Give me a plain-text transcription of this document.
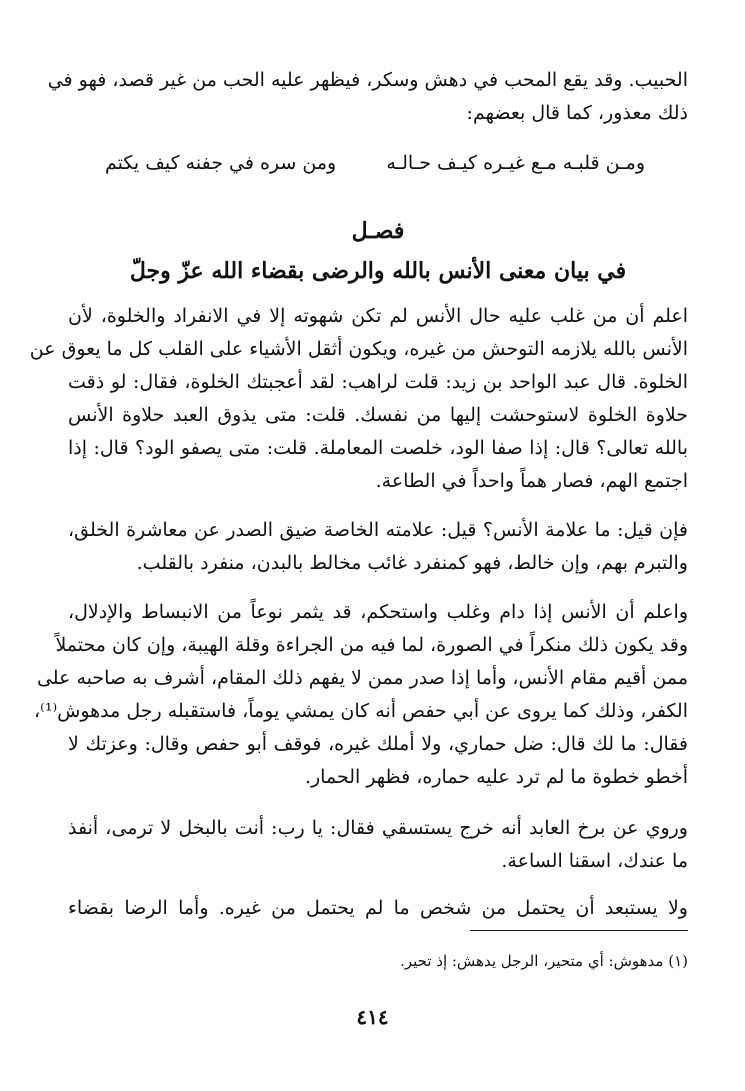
الحبيب. وقد يقع المحب في دهش وسكر، فيظهر عليه الحب من غير قصد، فهو في
ذلك معذور، كما قال بعضهم:
ومـن قلبـه مـع غيـره كيـف حـالـه
ومن سره في جفنه كيف يكتم
فصـل
في بيان معنى الأنس بالله والرضى بقضاء الله عزّ وجلّ
اعلم أن من غلب عليه حال الأنس لم تكن شهوته إلا في الانفراد والخلوة، لأن
الأنس بالله يلازمه التوحش من غيره، ويكون أثقل الأشياء على القلب كل ما يعوق عن
الخلوة. قال عبد الواحد بن زيد: قلت لراهب: لقد أعجبتك الخلوة، فقال: لو ذقت
حلاوة الخلوة لاستوحشت إليها من نفسك. قلت: متى يذوق العبد حلاوة الأنس
بالله تعالى؟ قال: إذا صفا الود، خلصت المعاملة. قلت: متى يصفو الود؟ قال: إذا
اجتمع الهم، فصار هماً واحداً في الطاعة.
فإن قيل: ما علامة الأنس؟ قيل: علامته الخاصة ضيق الصدر عن معاشرة الخلق،
والتبرم بهم، وإن خالط، فهو كمنفرد غائب مخالط بالبدن، منفرد بالقلب.
واعلم أن الأنس إذا دام وغلب واستحكم، قد يثمر نوعاً من الانبساط والإدلال،
وقد يكون ذلك منكراً في الصورة، لما فيه من الجراءة وقلة الهيبة، وإن كان محتملاً
ممن أقيم مقام الأنس، وأما إذا صدر ممن لا يفهم ذلك المقام، أشرف به صاحبه على
الكفر، وذلك كما يروى عن أبي حفص أنه كان يمشي يوماً، فاستقبله رجل مدهوش⁽¹⁾،
فقال: ما لك قال: ضل حماري، ولا أملك غيره، فوقف أبو حفص وقال: وعزتك لا
أخطو خطوة ما لم ترد عليه حماره، فظهر الحمار.
وروي عن برخ العابد أنه خرج يستسقي فقال: يا رب: أنت بالبخل لا ترمى، أنفذ
ما عندك، اسقنا الساعة.
ولا يستبعد أن يحتمل من شخص ما لم يحتمل من غيره. وأما الرضا بقضاء
(١) مدهوش: أي متحير، الرجل يدهش: إذ تحير.
٤١٤
